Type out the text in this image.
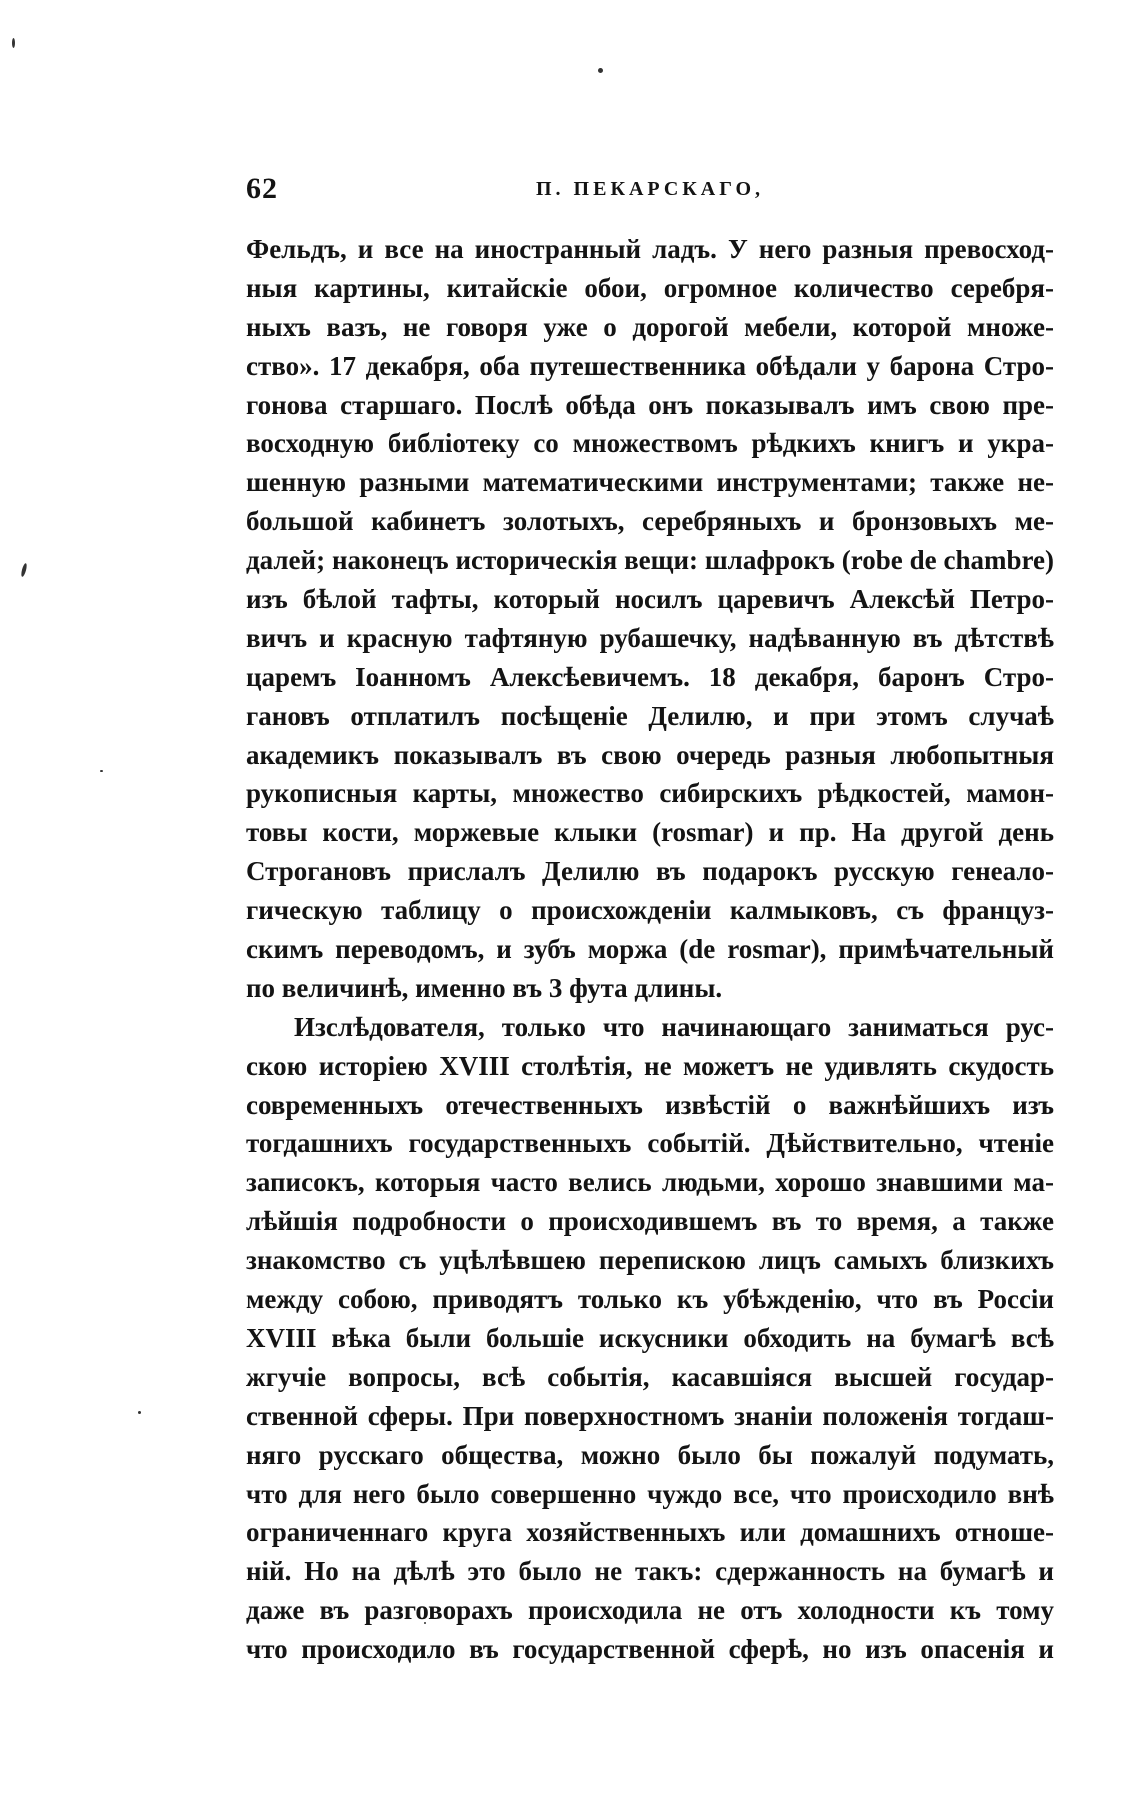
62	П. ПЕКАРСКАГО,
Фельдъ, и все на иностранный ладъ. У него разныя превосход-
ныя картины, китайскiе обои, огромное количество серебря-
ныхъ вазъ, не говоря уже о дорогой мебели, которой множе-
ство». 17 декабря, оба путешественника обѣдали у барона Стро-
гонова старшаго. Послѣ обѣда онъ показывалъ имъ свою пре-
восходную библiотеку со множествомъ рѣдкихъ книгъ и укра-
шенную разными математическими инструментами; также не-
большой кабинетъ золотыхъ, серебряныхъ и бронзовыхъ ме-
далей; наконецъ историческiя вещи: шлафрокъ (robe de chambre)
изъ бѣлой тафты, который носилъ царевичъ Алексѣй Петро-
вичъ и красную тафтяную рубашечку, надѣванную въ дѣтствѣ
царемъ Iоанномъ Алексѣевичемъ. 18 декабря, баронъ Стро-
гановъ отплатилъ посѣщенiе Делилю, и при этомъ случаѣ
академикъ показывалъ въ свою очередь разныя любопытныя
рукописныя карты, множество сибирскихъ рѣдкостей, мамон-
товы кости, моржевые клыки (rosmar) и пр. На другой день
Строгановъ прислалъ Делилю въ подарокъ русскую генеало-
гическую таблицу о происхожденiи калмыковъ, съ француз-
скимъ переводомъ, и зубъ моржа (de rosmar), примѣчательный
по величинѣ, именно въ 3 фута длины.
Изслѣдователя, только что начинающаго заниматься рус-
скою исторiею XVIII столѣтiя, не можетъ не удивлять скудость
современныхъ отечественныхъ извѣстiй о важнѣйшихъ изъ
тогдашнихъ государственныхъ событiй. Дѣйствительно, чтенiе
записокъ, которыя часто велись людьми, хорошо знавшими ма-
лѣйшiя подробности о происходившемъ въ то время, а также
знакомство съ уцѣлѣвшею перепискою лицъ самыхъ близкихъ
между собою, приводятъ только къ убѣжденiю, что въ Россiи
XVIII вѣка были большiе искусники обходить на бумагѣ всѣ
жгучiе вопросы, всѣ событiя, касавшiяся высшей государ-
ственной сферы. При поверхностномъ знанiи положенiя тогдаш-
няго русскаго общества, можно было бы пожалуй подумать,
что для него было совершенно чуждо все, что происходило внѣ
ограниченнаго круга хозяйственныхъ или домашнихъ отноше-
нiй. Но на дѣлѣ это было не такъ: сдержанность на бумагѣ и
даже въ разговорахъ происходила не отъ холодности къ тому
что происходило въ государственной сферѣ, но изъ опасенiя и
